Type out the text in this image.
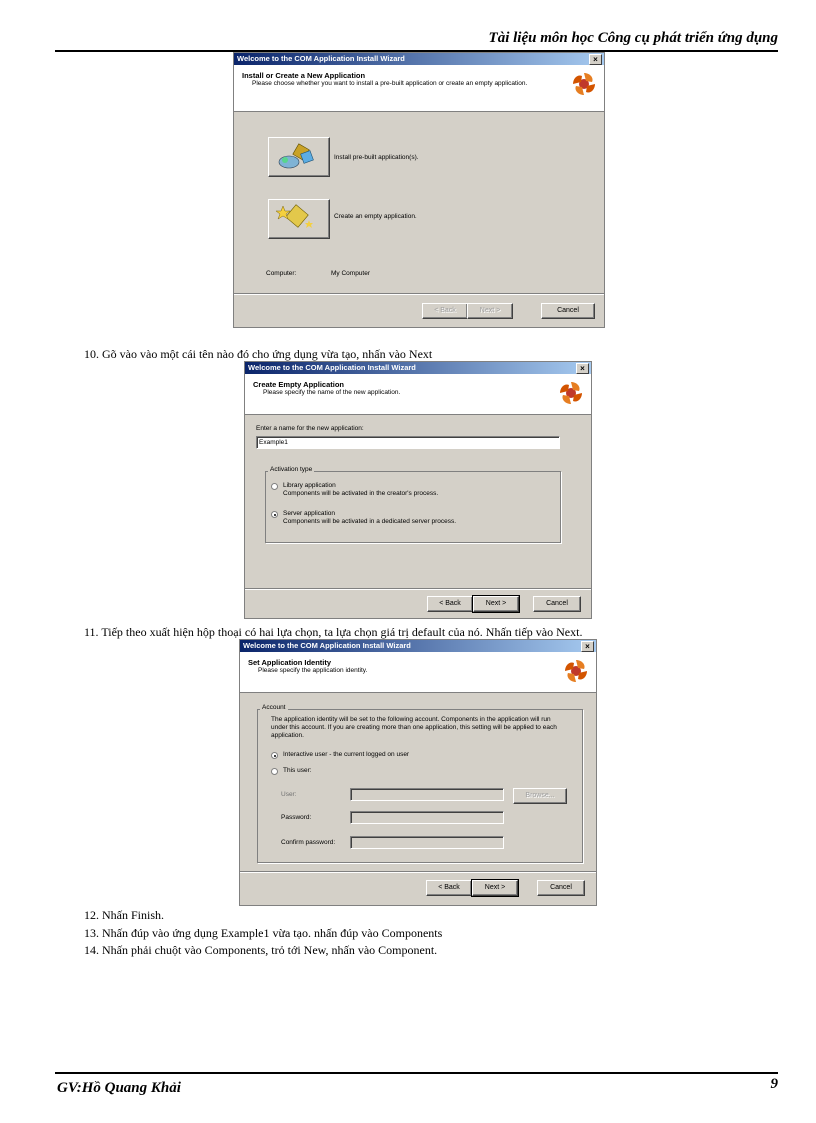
Tài liệu môn học Công cụ phát triển ứng dụng
Welcome to the COM Application Install Wizard	×
Install or Create a New Application
Please choose whether you want to install a pre-built application or create an empty application.
Install pre-built application(s).
Create an empty application.
Computer:	My Computer
< Back	Next >	Cancel
10. Gõ vào vào một cái tên nào đó cho ứng dụng vừa tạo, nhấn vào Next
Welcome to the COM Application Install Wizard	×
Create Empty Application
Please specify the name of the new application.
Enter a name for the new application:
Example1
Activation type
Library application
Components will be activated in the creator's process.
Server application
Components will be activated in a dedicated server process.
< Back	Next >	Cancel
11. Tiếp theo xuất hiện hộp thoại có hai lựa chọn, ta lựa chọn giá trị default của nó. Nhấn tiếp vào Next.
Welcome to the COM Application Install Wizard	×
Set Application Identity
Please specify the application identity.
Account
The application identity will be set to the following account. Components in the application will run under this account. If you are creating more than one application, this setting will be applied to each application.
Interactive user - the current logged on user
This user:
User:	Browse...
Password:
Confirm password:
< Back	Next >	Cancel
12. Nhấn Finish.
13. Nhấn đúp vào ứng dụng Example1 vừa tạo. nhấn đúp vào Components
14. Nhấn phải chuột vào Components, trỏ tới New, nhấn vào Component.
GV:Hồ Quang Khải	9
